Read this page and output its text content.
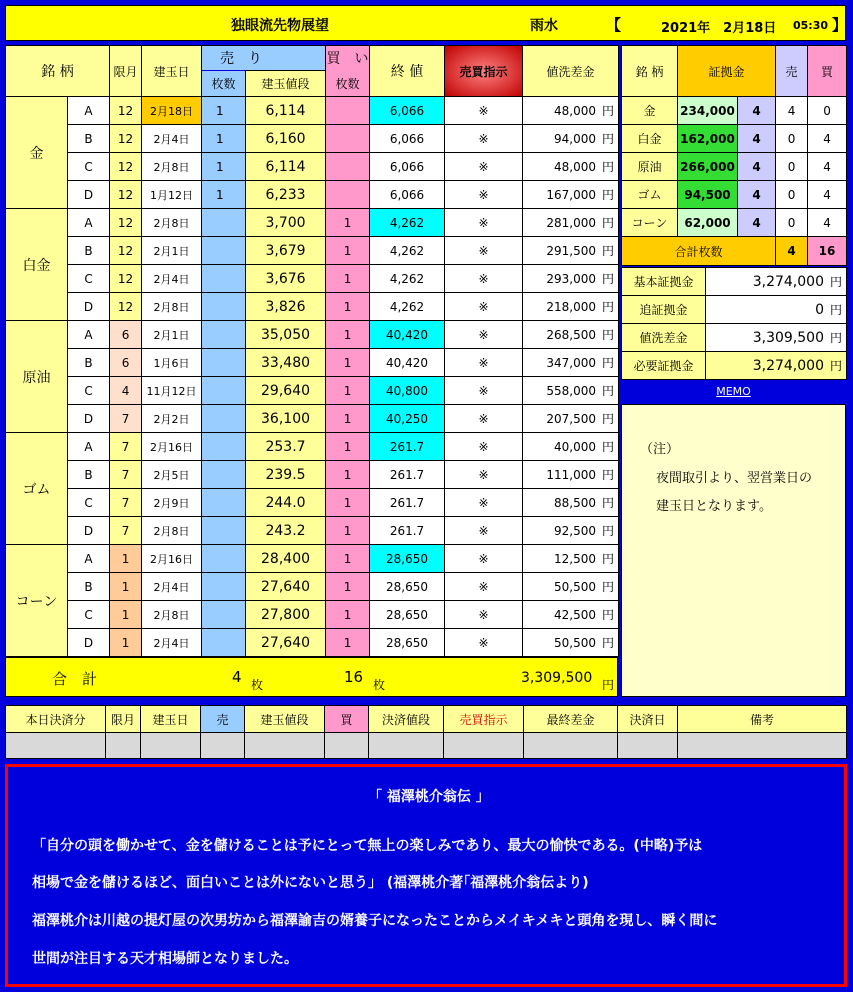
独眼流先物展望	雨水	【	2021年　2月18日 05:30 】
銘 柄		限月	建玉日	売　り		買　い	終 値	売買指示	値洗差金
				枚数	建玉値段	枚数			
金	A	12	2月18日	1	6,114		6,066	※	48,000 円

	B	12	2月4日	1	6,160		6,066	※	94,000 円

	C	12	2月8日	1	6,114		6,066	※	48,000 円

	D	12	1月12日	1	6,233		6,066	※	167,000 円

白金	A	12	2月8日		3,700	1	4,262	※	281,000 円

	B	12	2月1日		3,679	1	4,262	※	291,500 円

	C	12	2月4日		3,676	1	4,262	※	293,000 円

	D	12	2月8日		3,826	1	4,262	※	218,000 円

原油	A	6	2月1日		35,050	1	40,420	※	268,500 円

	B	6	1月6日		33,480	1	40,420	※	347,000 円

	C	4	11月12日		29,640	1	40,800	※	558,000 円

	D	7	2月2日		36,100	1	40,250	※	207,500 円

ゴム	A	7	2月16日		253.7	1	261.7	※	40,000 円

	B	7	2月5日		239.5	1	261.7	※	111,000 円

	C	7	2月9日		244.0	1	261.7	※	88,500 円

	D	7	2月8日		243.2	1	261.7	※	92,500 円

コーン	A	1	2月16日		28,400	1	28,650	※	12,500 円

	B	1	2月4日		27,640	1	28,650	※	50,500 円

	C	1	2月8日		27,800	1	28,650	※	42,500 円

	D	1	2月4日		27,640	1	28,650	※	50,500 円
合　計	4 枚	16 枚	3,309,500 円
銘 柄	証拠金		売	買
金	234,000	4	4	0
白金	162,000	4	0	4
原油	266,000	4	0	4
ゴム	94,500	4	0	4
コーン	62,000	4	0	4
合計枚数			4	16
基本証拠金	3,274,000 円

追証拠金	0 円

値洗差金	3,309,500 円

必要証拠金	3,274,000 円
MEMO
（注）
夜間取引より、翌営業日の
建玉日となります。
本日決済分	限月	建玉日	売	建玉値段	買	決済値段	売買指示	最終差金	決済日	備考

「 福澤桃介翁伝 」
「自分の頭を働かせて、金を儲けることは予にとって無上の楽しみであり、最大の愉快である。(中略)予は
相場で金を儲けるほど、面白いことは外にないと思う」 (福澤桃介著｢福澤桃介翁伝より)
福澤桃介は川越の提灯屋の次男坊から福澤諭吉の婿養子になったことからメイキメキと頭角を現し、瞬く間に
世間が注目する天才相場師となりました。
